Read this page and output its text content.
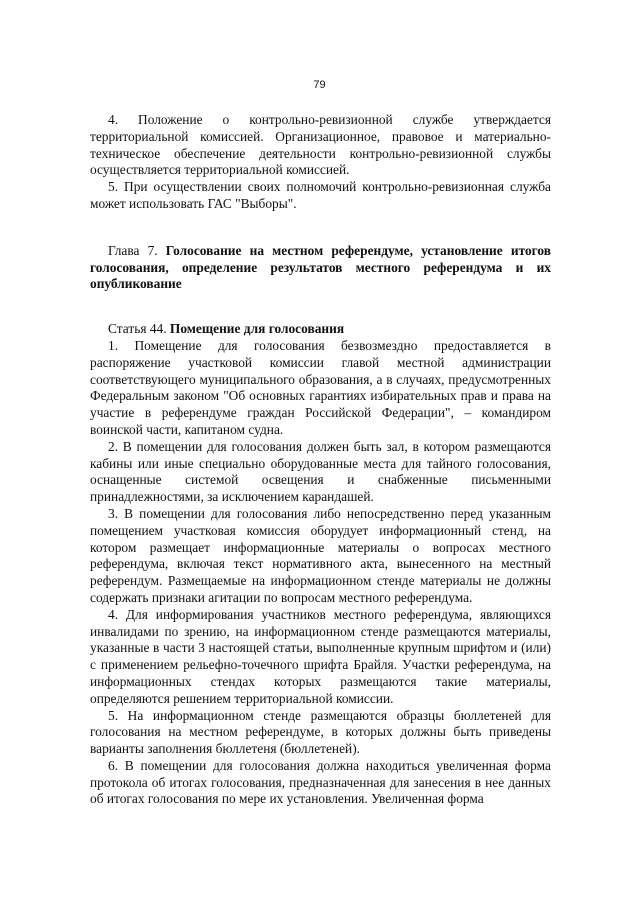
79

4. Положение о контрольно-ревизионной службе утверждается территориальной комиссией. Организационное, правовое и материально-техническое обеспечение деятельности контрольно-ревизионной службы осуществляется территориальной комиссией.

5. При осуществлении своих полномочий контрольно-ревизионная служба может использовать ГАС "Выборы".

Глава 7. Голосование на местном референдуме, установление итогов голосования, определение результатов местного референдума и их опубликование

Статья 44. Помещение для голосования

1. Помещение для голосования безвозмездно предоставляется в распоряжение участковой комиссии главой местной администрации соответствующего муниципального образования, а в случаях, предусмотренных Федеральным законом "Об основных гарантиях избирательных прав и права на участие в референдуме граждан Российской Федерации", – командиром воинской части, капитаном судна.

2. В помещении для голосования должен быть зал, в котором размещаются кабины или иные специально оборудованные места для тайного голосования, оснащенные системой освещения и снабженные письменными принадлежностями, за исключением карандашей.

3. В помещении для голосования либо непосредственно перед указанным помещением участковая комиссия оборудует информационный стенд, на котором размещает информационные материалы о вопросах местного референдума, включая текст нормативного акта, вынесенного на местный референдум. Размещаемые на информационном стенде материалы не должны содержать признаки агитации по вопросам местного референдума.

4. Для информирования участников местного референдума, являющихся инвалидами по зрению, на информационном стенде размещаются материалы, указанные в части 3 настоящей статьи, выполненные крупным шрифтом и (или) с применением рельефно-точечного шрифта Брайля. Участки референдума, на информационных стендах которых размещаются такие материалы, определяются решением территориальной комиссии.

5. На информационном стенде размещаются образцы бюллетеней для голосования на местном референдуме, в которых должны быть приведены варианты заполнения бюллетеня (бюллетеней).

6. В помещении для голосования должна находиться увеличенная форма протокола об итогах голосования, предназначенная для занесения в нее данных об итогах голосования по мере их установления. Увеличенная форма
